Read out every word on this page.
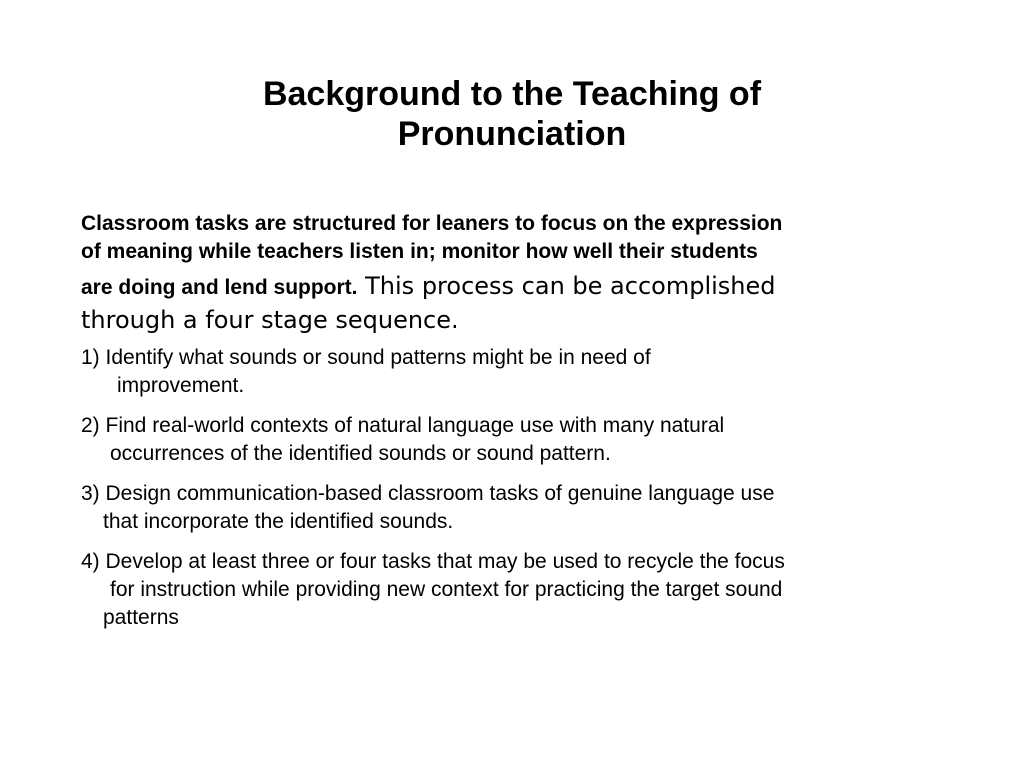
Background to the Teaching of
Pronunciation
Classroom tasks are structured for leaners to focus on the expression
of meaning while teachers listen in; monitor how well their students
are doing and lend support. This process can be accomplished
through a four stage sequence.
1) Identify what sounds or sound patterns might be in need of
improvement.
2) Find real-world contexts of natural language use with many natural
occurrences of the identified sounds or sound pattern.
3) Design communication-based classroom tasks of genuine language use
that incorporate the identified sounds.
4) Develop at least three or four tasks that may be used to recycle the focus
for instruction while providing new context for practicing the target sound
patterns
